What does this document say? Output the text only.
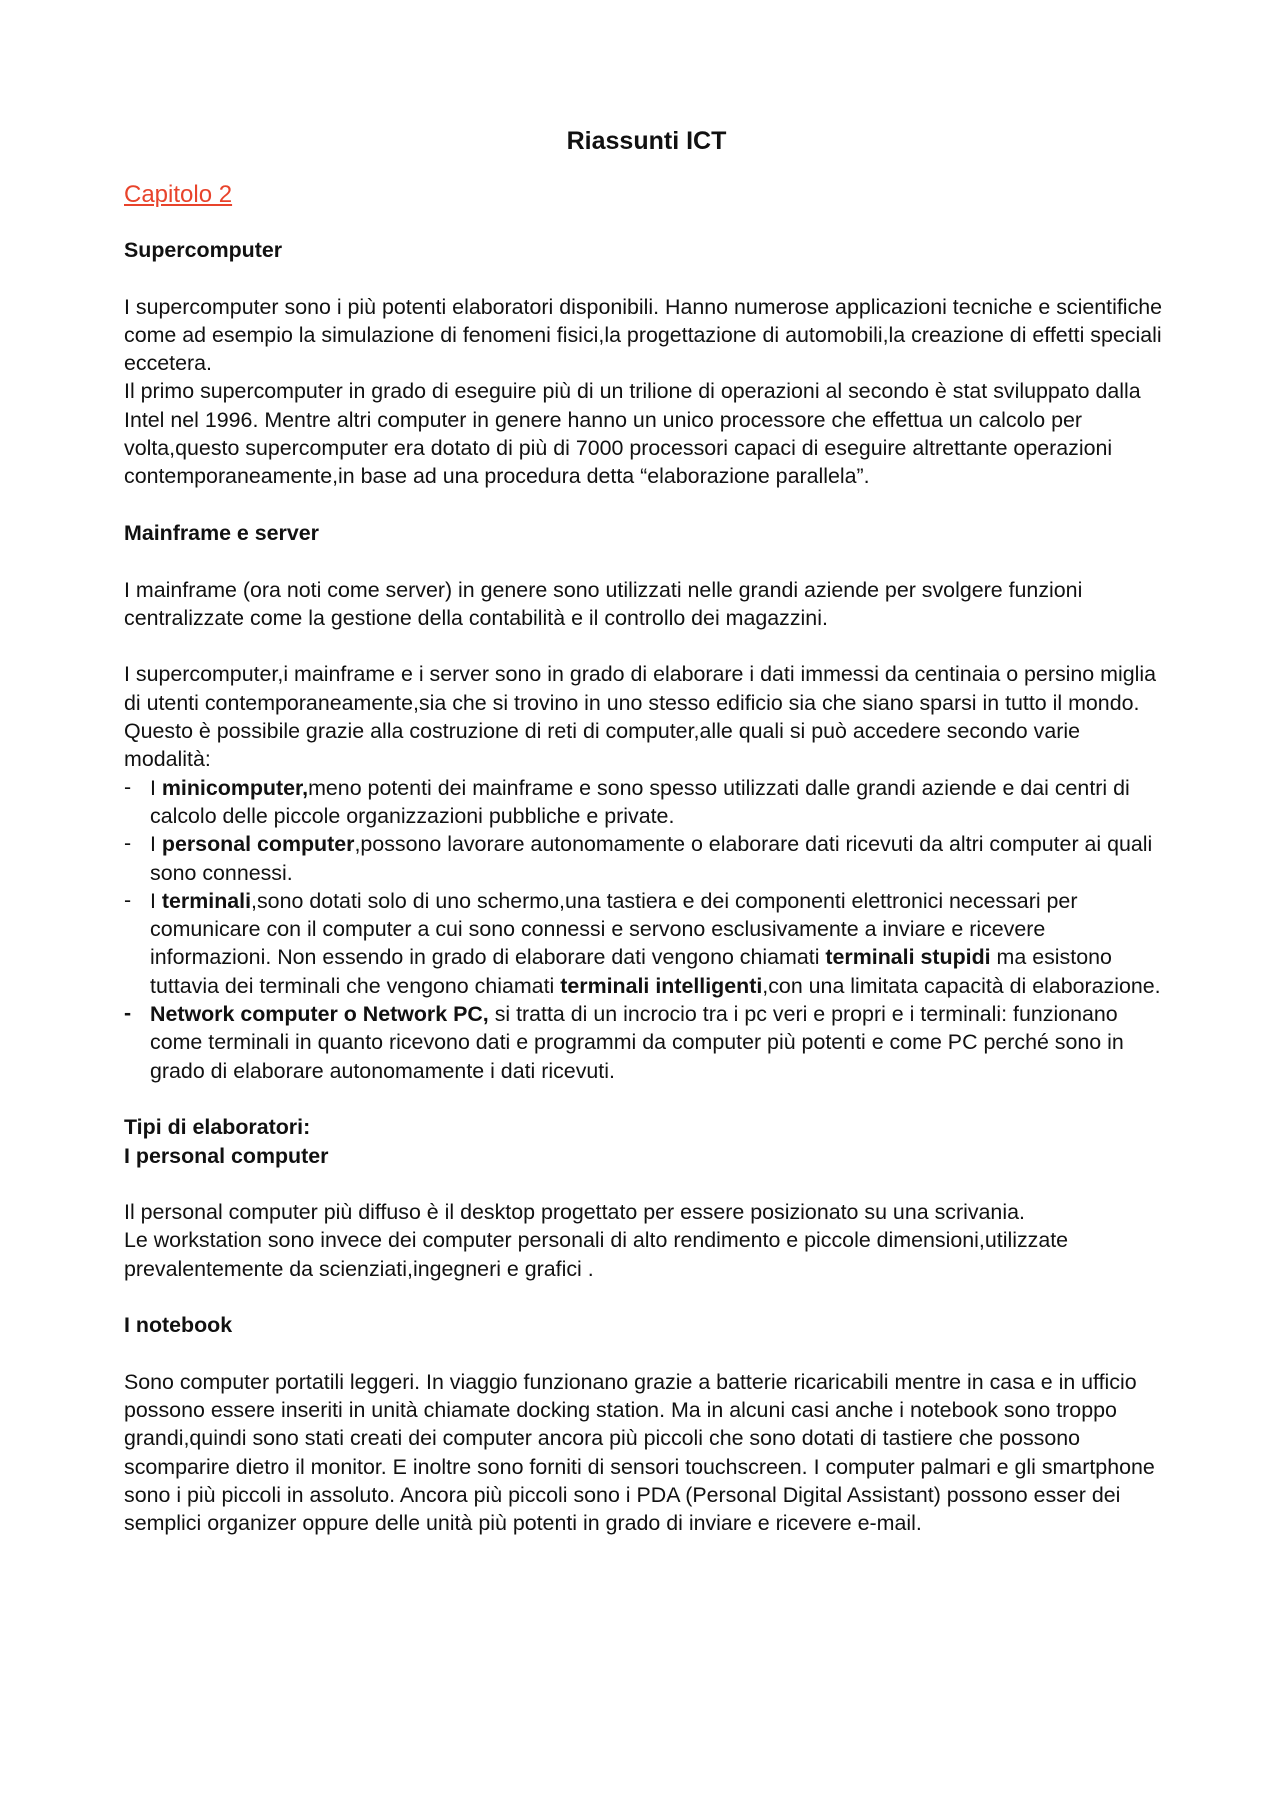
Riassunti ICT
Capitolo 2
Supercomputer
I supercomputer sono i più potenti elaboratori disponibili. Hanno numerose applicazioni tecniche e scientifiche come ad esempio la simulazione di fenomeni fisici,la progettazione di automobili,la creazione di effetti speciali eccetera.
Il primo supercomputer in grado di eseguire più di un trilione di operazioni al secondo è stat sviluppato dalla Intel nel 1996. Mentre altri computer in genere hanno un unico processore che effettua un calcolo per volta,questo supercomputer era dotato di più di 7000 processori capaci di eseguire altrettante operazioni contemporaneamente,in base ad una procedura detta “elaborazione parallela”.
Mainframe e server
I mainframe (ora noti come server) in genere sono utilizzati nelle grandi aziende per svolgere funzioni centralizzate come la gestione della contabilità e il controllo dei magazzini.
I supercomputer,i mainframe e i server sono in grado di elaborare i dati immessi da centinaia o persino miglia di utenti contemporaneamente,sia che si trovino in uno stesso edificio sia che siano sparsi in tutto il mondo. Questo è possibile grazie alla costruzione di reti di computer,alle quali si può accedere secondo varie modalità:
- I minicomputer,meno potenti dei mainframe e sono spesso utilizzati dalle grandi aziende e dai centri di calcolo delle piccole organizzazioni pubbliche e private.
- I personal computer,possono lavorare autonomamente o elaborare dati ricevuti da altri computer ai quali sono connessi.
- I terminali,sono dotati solo di uno schermo,una tastiera e dei componenti elettronici necessari per comunicare con il computer a cui sono connessi e servono esclusivamente a inviare e ricevere informazioni. Non essendo in grado di elaborare dati vengono chiamati terminali stupidi ma esistono tuttavia dei terminali che vengono chiamati terminali intelligenti,con una limitata capacità di elaborazione.
- Network computer o Network PC, si tratta di un incrocio tra i pc veri e propri e i terminali: funzionano come terminali in quanto ricevono dati e programmi da computer più potenti e come PC perché sono in grado di elaborare autonomamente i dati ricevuti.
Tipi di elaboratori:
I personal computer
Il personal computer più diffuso è il desktop progettato per essere posizionato su una scrivania.
Le workstation sono invece dei computer personali di alto rendimento e piccole dimensioni,utilizzate prevalentemente da scienziati,ingegneri e grafici .
I notebook
Sono computer portatili leggeri. In viaggio funzionano grazie a batterie ricaricabili mentre in casa e in ufficio possono essere inseriti in unità chiamate docking station. Ma in alcuni casi anche i notebook sono troppo grandi,quindi sono stati creati dei computer ancora più piccoli che sono dotati di tastiere che possono scomparire dietro il monitor. E inoltre sono forniti di sensori touchscreen. I computer palmari e gli smartphone sono i più piccoli in assoluto. Ancora più piccoli sono i PDA (Personal Digital Assistant) possono esser dei semplici organizer oppure delle unità più potenti in grado di inviare e ricevere e-mail.
